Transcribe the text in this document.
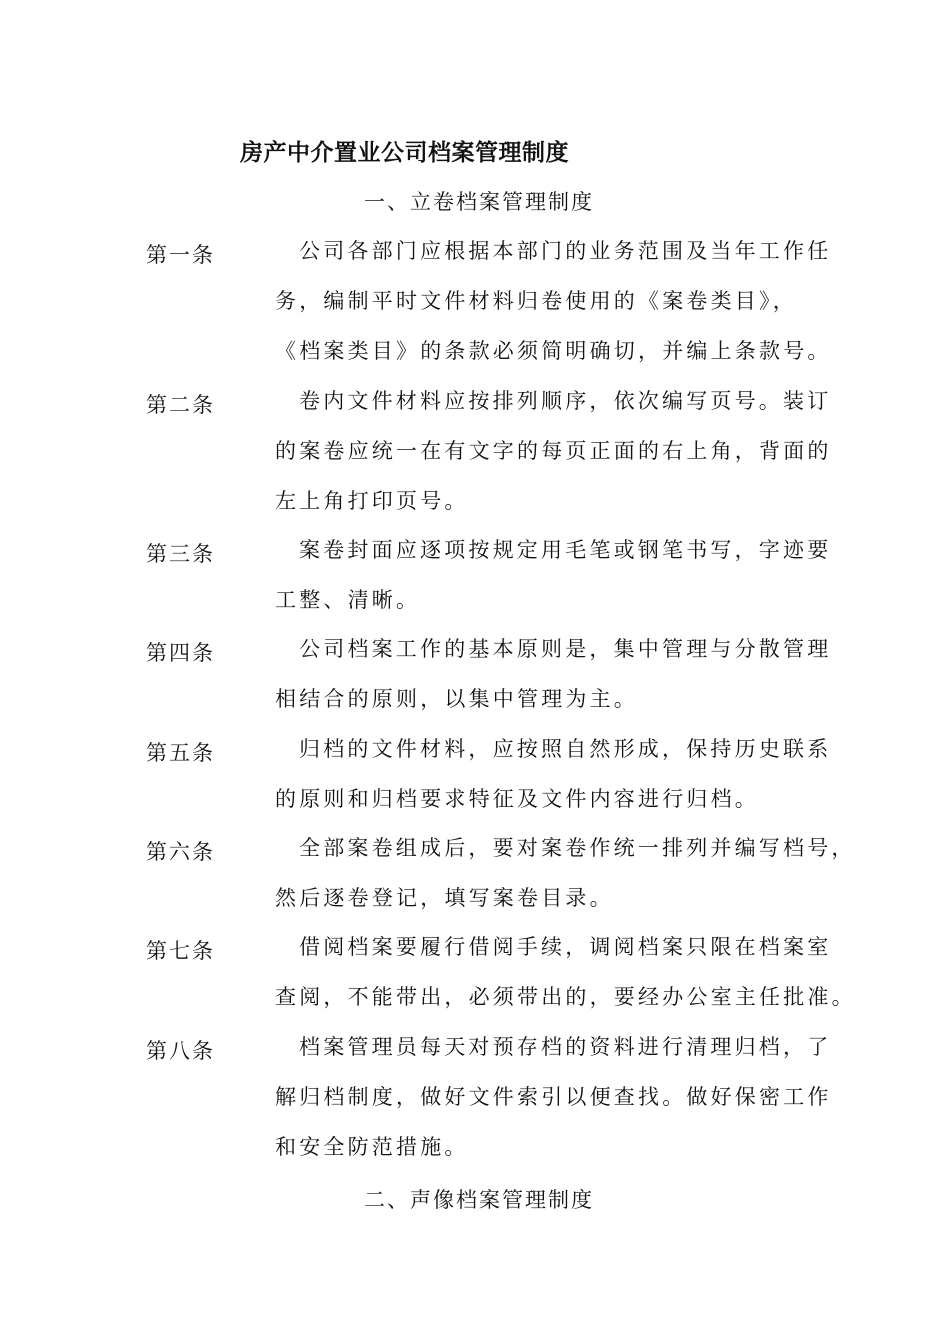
房产中介置业公司档案管理制度
一、立卷档案管理制度
第一条	公司各部门应根据本部门的业务范围及当年工作任
务，编制平时文件材料归卷使用的《案卷类目》，
《档案类目》的条款必须简明确切，并编上条款号。
第二条	卷内文件材料应按排列顺序，依次编写页号。装订
的案卷应统一在有文字的每页正面的右上角，背面的
左上角打印页号。
第三条	案卷封面应逐项按规定用毛笔或钢笔书写，字迹要
工整、清晰。
第四条	公司档案工作的基本原则是，集中管理与分散管理
相结合的原则，以集中管理为主。
第五条	归档的文件材料，应按照自然形成，保持历史联系
的原则和归档要求特征及文件内容进行归档。
第六条	全部案卷组成后，要对案卷作统一排列并编写档号，
然后逐卷登记，填写案卷目录。
第七条	借阅档案要履行借阅手续，调阅档案只限在档案室
查阅，不能带出，必须带出的，要经办公室主任批准。
第八条	档案管理员每天对预存档的资料进行清理归档，了
解归档制度，做好文件索引以便查找。做好保密工作
和安全防范措施。
二、声像档案管理制度
